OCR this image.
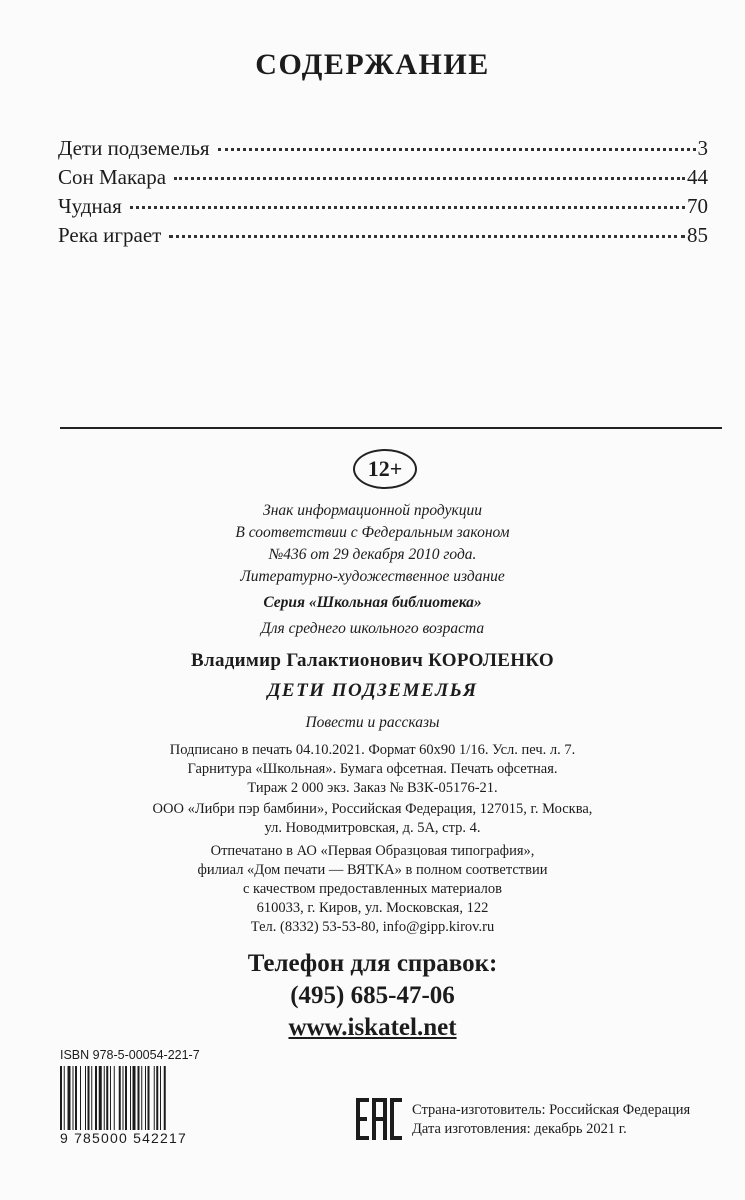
СОДЕРЖАНИЕ
Дети подземелья	3
Сон Макара	44
Чудная	70
Река играет	85
12+
Знак информационной продукции
В соответствии с Федеральным законом
№436 от 29 декабря 2010 года.
Литературно-художественное издание
Серия «Школьная библиотека»
Для среднего школьного возраста
Владимир Галактионович КОРОЛЕНКО
ДЕТИ ПОДЗЕМЕЛЬЯ
Повести и рассказы
Подписано в печать 04.10.2021. Формат 60x90 1/16. Усл. печ. л. 7.
Гарнитура «Школьная». Бумага офсетная. Печать офсетная.
Тираж 2 000 экз. Заказ № ВЗК-05176-21.
ООО «Либри пэр бамбини», Российская Федерация, 127015, г. Москва,
ул. Новодмитровская, д. 5А, стр. 4.
Отпечатано в АО «Первая Образцовая типография»,
филиал «Дом печати — ВЯТКА» в полном соответствии
с качеством предоставленных материалов
610033, г. Киров, ул. Московская, 122
Тел. (8332) 53-53-80, info@gipp.kirov.ru
Телефон для справок:
(495) 685-47-06
www.iskatel.net
ISBN 978-5-00054-221-7
9 785000 542217
Страна-изготовитель: Российская Федерация
Дата изготовления: декабрь 2021 г.
